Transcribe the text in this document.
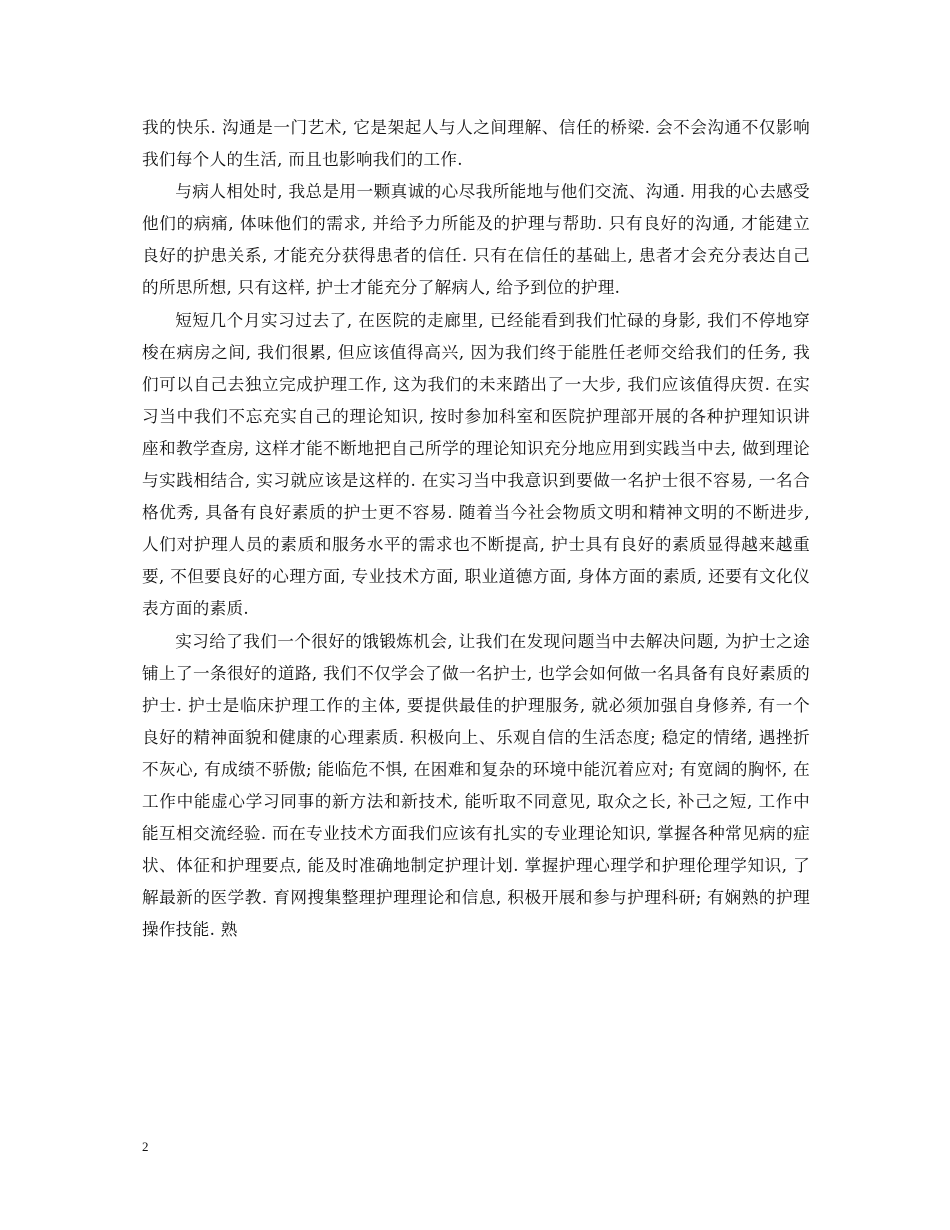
我的快乐. 沟通是一门艺术, 它是架起人与人之间理解、信任的桥梁. 会不会沟通不仅影响我们每个人的生活, 而且也影响我们的工作.

与病人相处时, 我总是用一颗真诚的心尽我所能地与他们交流、沟通. 用我的心去感受他们的病痛, 体味他们的需求, 并给予力所能及的护理与帮助. 只有良好的沟通, 才能建立良好的护患关系, 才能充分获得患者的信任. 只有在信任的基础上, 患者才会充分表达自己的所思所想, 只有这样, 护士才能充分了解病人, 给予到位的护理.

短短几个月实习过去了, 在医院的走廊里, 已经能看到我们忙碌的身影, 我们不停地穿梭在病房之间, 我们很累, 但应该值得高兴, 因为我们终于能胜任老师交给我们的任务, 我们可以自己去独立完成护理工作, 这为我们的未来踏出了一大步, 我们应该值得庆贺. 在实习当中我们不忘充实自己的理论知识, 按时参加科室和医院护理部开展的各种护理知识讲座和教学查房, 这样才能不断地把自己所学的理论知识充分地应用到实践当中去, 做到理论与实践相结合, 实习就应该是这样的. 在实习当中我意识到要做一名护士很不容易, 一名合格优秀, 具备有良好素质的护士更不容易. 随着当今社会物质文明和精神文明的不断进步, 人们对护理人员的素质和服务水平的需求也不断提高, 护士具有良好的素质显得越来越重要, 不但要良好的心理方面, 专业技术方面, 职业道德方面, 身体方面的素质, 还要有文化仪表方面的素质.

实习给了我们一个很好的饿锻炼机会, 让我们在发现问题当中去解决问题, 为护士之途铺上了一条很好的道路, 我们不仅学会了做一名护士, 也学会如何做一名具备有良好素质的护士. 护士是临床护理工作的主体, 要提供最佳的护理服务, 就必须加强自身修养, 有一个良好的精神面貌和健康的心理素质. 积极向上、乐观自信的生活态度; 稳定的情绪, 遇挫折不灰心, 有成绩不骄傲; 能临危不惧, 在困难和复杂的环境中能沉着应对; 有宽阔的胸怀, 在工作中能虚心学习同事的新方法和新技术, 能听取不同意见, 取众之长, 补己之短, 工作中能互相交流经验. 而在专业技术方面我们应该有扎实的专业理论知识, 掌握各种常见病的症状、体征和护理要点, 能及时准确地制定护理计划. 掌握护理心理学和护理伦理学知识, 了解最新的医学教. 育网搜集整理护理理论和信息, 积极开展和参与护理科研; 有娴熟的护理操作技能. 熟

2
